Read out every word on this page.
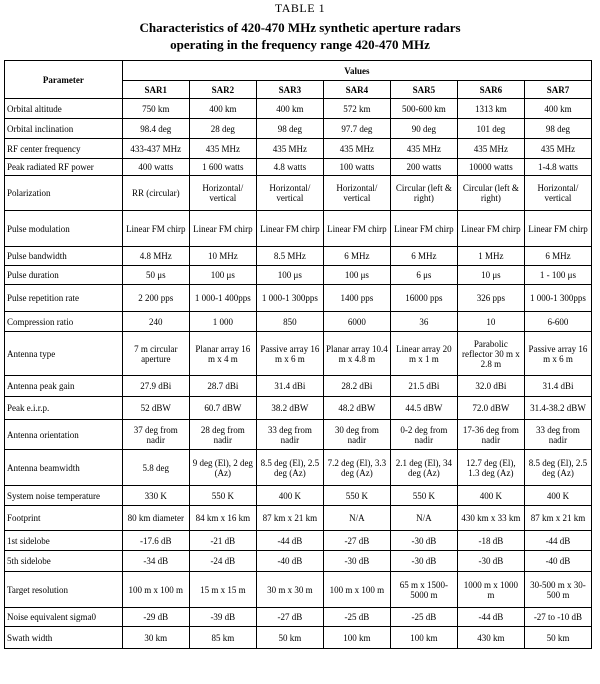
TABLE 1
Characteristics of 420-470 MHz synthetic aperture radars
operating in the frequency range 420-470 MHz
Parameter	Values						
	SAR1	SAR2	SAR3	SAR4	SAR5	SAR6	SAR7
Orbital altitude	750 km	400 km	400 km	572 km	500-600 km	1313 km	400 km
Orbital inclination	98.4 deg	28 deg	98 deg	97.7 deg	90 deg	101 deg	98 deg
RF center frequency	433-437 MHz	435 MHz	435 MHz	435 MHz	435 MHz	435 MHz	435 MHz
Peak radiated RF power	400 watts	1 600 watts	4.8 watts	100 watts	200 watts	10000 watts	1-4.8 watts
Polarization	RR (circular)	Horizontal/ vertical	Horizontal/ vertical	Horizontal/ vertical	Circular (left & right)	Circular (left & right)	Horizontal/ vertical
Pulse modulation	Linear FM chirp	Linear FM chirp	Linear FM chirp	Linear FM chirp	Linear FM chirp	Linear FM chirp	Linear FM chirp
Pulse bandwidth	4.8 MHz	10 MHz	8.5 MHz	6 MHz	6 MHz	1 MHz	6 MHz
Pulse duration	50 μs	100 μs	100 μs	100 μs	6 μs	10 μs	1 - 100 μs
Pulse repetition rate	2 200 pps	1 000-1 400pps	1 000-1 300pps	1400 pps	16000 pps	326 pps	1 000-1 300pps
Compression ratio	240	1 000	850	6000	36	10	6-600
Antenna type	7 m circular aperture	Planar array 16 m x 4 m	Passive array 16 m x 6 m	Planar array 10.4 m x 4.8 m	Linear array 20 m x 1 m	Parabolic reflector 30 m x 2.8 m	Passive array 16 m x 6 m
Antenna peak gain	27.9 dBi	28.7 dBi	31.4 dBi	28.2 dBi	21.5 dBi	32.0 dBi	31.4 dBi
Peak e.i.r.p.	52 dBW	60.7 dBW	38.2 dBW	48.2 dBW	44.5 dBW	72.0 dBW	31.4-38.2 dBW
Antenna orientation	37 deg from nadir	28 deg from nadir	33 deg from nadir	30 deg from nadir	0-2 deg from nadir	17-36 deg from nadir	33 deg from nadir
Antenna beamwidth	5.8 deg	9 deg (El), 2 deg (Az)	8.5 deg (El), 2.5 deg (Az)	7.2 deg (El), 3.3 deg (Az)	2.1 deg (El), 34 deg (Az)	12.7 deg (El), 1.3 deg (Az)	8.5 deg (El), 2.5 deg (Az)
System noise temperature	330 K	550 K	400 K	550 K	550 K	400 K	400 K
Footprint	80 km diameter	84 km x 16 km	87 km x 21 km	N/A	N/A	430 km x 33 km	87 km x 21 km
1st sidelobe	-17.6 dB	-21 dB	-44 dB	-27 dB	-30 dB	-18 dB	-44 dB
5th sidelobe	-34 dB	-24 dB	-40 dB	-30 dB	-30 dB	-30 dB	-40 dB
Target resolution	100 m x 100 m	15 m x 15 m	30 m x 30 m	100 m x 100 m	65 m x 1500-5000 m	1000 m x 1000 m	30-500 m x 30-500 m
Noise equivalent sigma0	-29 dB	-39 dB	-27 dB	-25 dB	-25 dB	-44 dB	-27 to -10 dB
Swath width	30 km	85 km	50 km	100 km	100 km	430 km	50 km
